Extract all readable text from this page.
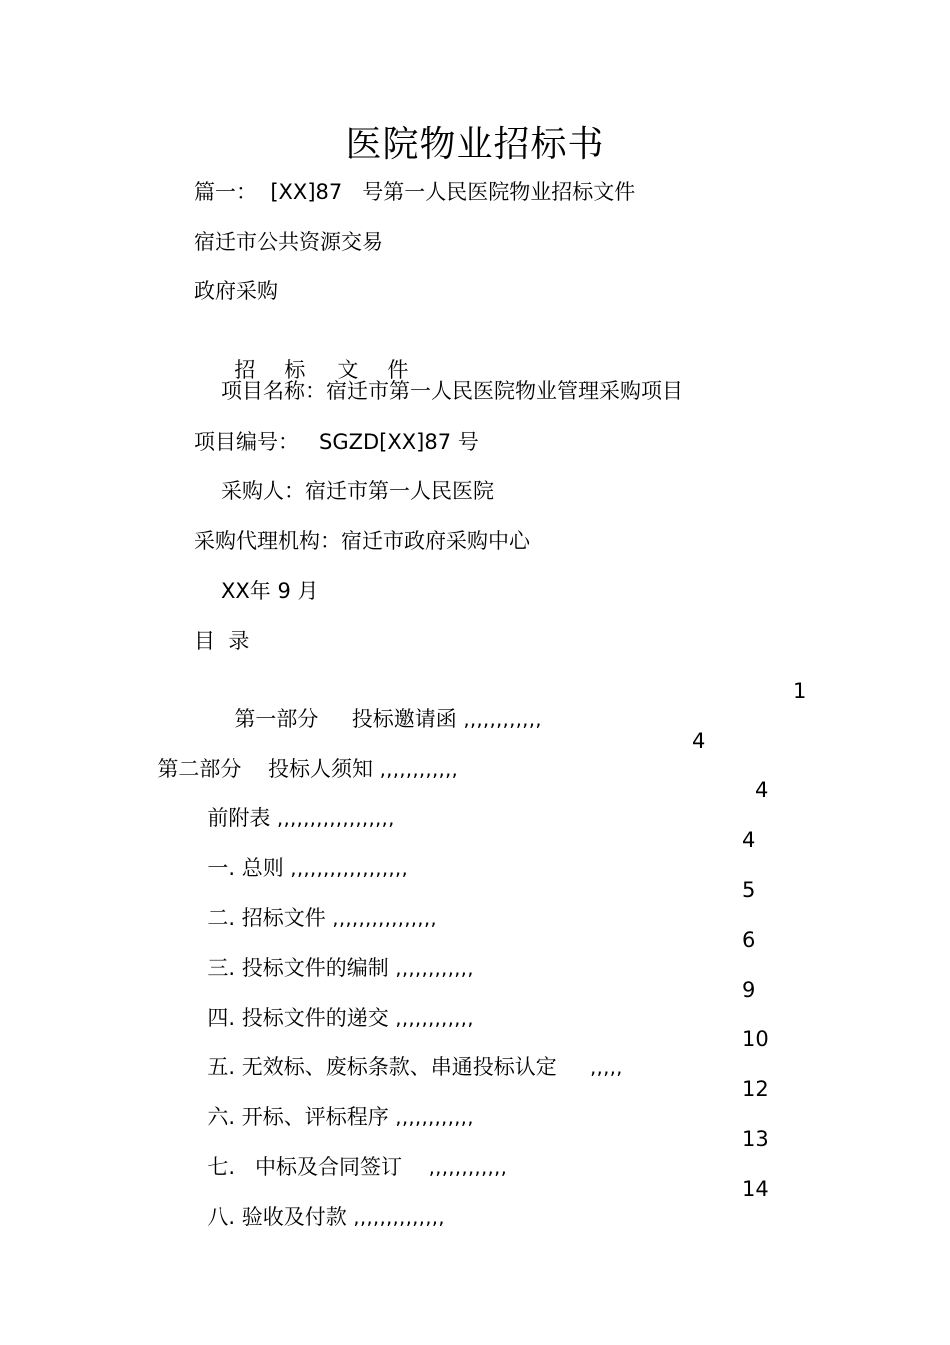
医院物业招标书
篇一：  [XX]87   号第一人民医院物业招标文件
宿迁市公共资源交易
政府采购

招 标 文 件

项目名称：宿迁市第一人民医院物业管理采购项目
项目编号：   SGZD[XX]87 号
采购人：宿迁市第一人民医院
采购代理机构：宿迁市政府采购中心
XX年 9 月
目  录

第一部分     投标邀请函 ,,,,,,,,,,,,

1

第二部分    投标人须知 ,,,,,,,,,,,,

4

前附表 ,,,,,,,,,,,,,,,,,,

4

一. 总则 ,,,,,,,,,,,,,,,,,,

4

二. 招标文件 ,,,,,,,,,,,,,,,,

5

三. 投标文件的编制 ,,,,,,,,,,,,

6

四. 投标文件的递交 ,,,,,,,,,,,,

9

五. 无效标、废标条款、串通投标认定 ,,,,,

10

六. 开标、评标程序 ,,,,,,,,,,,,

12

七.   中标及合同签订 ,,,,,,,,,,,,

13

八. 验收及付款 ,,,,,,,,,,,,,,

14
